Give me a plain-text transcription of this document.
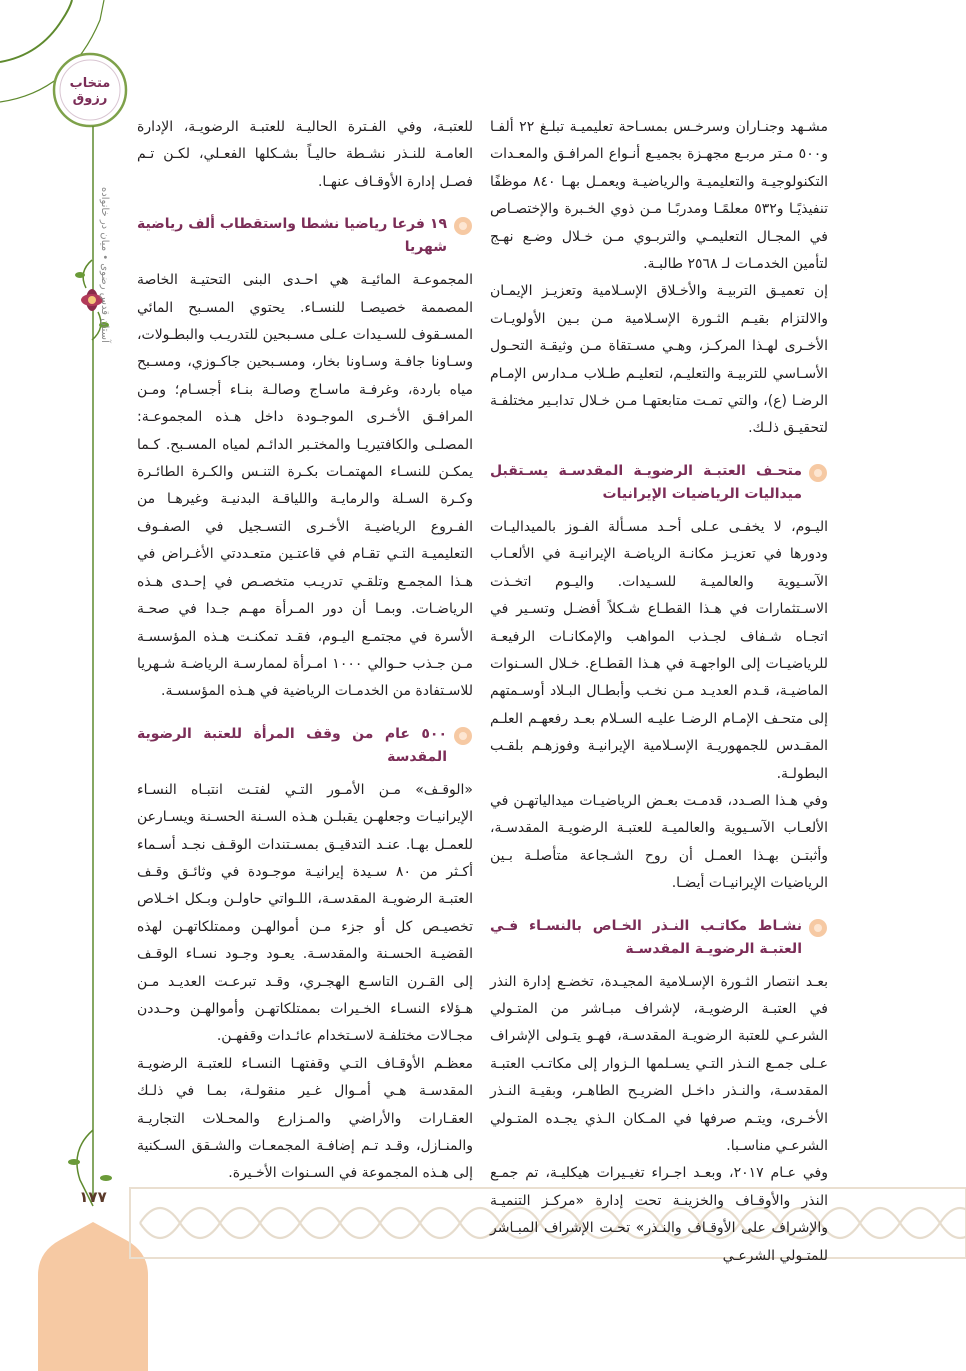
متخاب رزوق
آستان قدس رضوی • میان در خانواده
١٧٧

مشـهد وجنـاران وسرخـس بمسـاحة تعليميـة تبلـغ ٢٢ ألفـا و٥٠٠ مـتر مربـع مجهـزة بجميـع أنـواع المرافـق والمعـدات التكنولوجيـة والتعليميـة والرياضيـة ويعمـل بهـا ٨٤٠ موظفًا تنفيذيًـا و٥٣٢ معلمًـا ومدربًـا مـن ذوي الخـبرة والإختصـاص في المجـال التعليمـي والتربـوي مـن خـلال وضـع نهـج لتأمين الخدمـات لـ ٢٥٦٨ طالبـة.

إن تعميـق التربيـة والأخـلاق الإسـلامية وتعزيـز الإيمـان والالتزام بقيـم الثـورة الإسـلامية مـن بـين الأولويـات الأخـرى لهـذا المركـز، وهـي مسـتقاة مـن وثيقـة التحـول الأسـاسي للتربيـة والتعليـم، لتعليـم طـلاب مـدارس الإمـام الرضـا (ع)، والتي تمـت متابعتهـا مـن خـلال تدابـير مختلفـة لتحقيـق ذلـك.

متحـف العتبـة الرضويـة المقدسـة يسـتقبل ميداليات الرياضيات الإيرانيات

اليـوم، لا يخفـى عـلى أحـد مسـألة الفـوز بالميداليـات ودورها في تعزيـز مكانـة الرياضـة الإيرانيـة في الألعـاب الآسـيوية والعالميـة للسـيدات. واليـوم اتخـذت الاسـتثمارات في هـذا القطـاع شـكلاً أفضـل وتسـير في اتجـاه شـفاف لجـذب المواهب والإمكانـات الرفيعـة للرياضيـات إلى الواجهـة في هـذا القطـاع. خـلال السـنوات الماضيـة، قـدم العديـد مـن نخـب وأبطـال البـلاد أوسـمتهم إلى متحـف الإمـام الرضـا عليـه السـلام بعـد رفعهـم العلـم المقـدس للجمهوريـة الإسـلامية الإيرانيـة وفوزهـم بلقـب البطولـة.

وفي هـذا الصـدد، قدمـت بعـض الرياضيـات ميدالياتهـن في الألعـاب الآسـيوية والعالميـة للعتبـة الرضويـة المقدسـة، وأثبتـن بهـذا العمـل أن روح الشـجاعة متأصلـة بـين الرياضيات الإيرانيـات أيضـا.

نشـاط مكاتـب النـذر الخـاص بالنسـاء فـي العتبـة الرضويـة المقدسـة

بعـد انتصار الثـورة الإسـلامية المجيـدة، تخضـع إدارة النذر في العتبـة الرضويـة، لإشراف مبـاشر من المتـولي الشرعـي للعتبة الرضويـة المقدسـة، فهـو يتـولى الإشراف عـلى جمـع النـذر التـي يسـلمها الـزوار إلى مكاتـب العتبـة المقدسـة، والنـذر داخـل الضريـح الطاهـر، وبقيـة النـذر الأخـرى، ويتـم صرفها في المـكان الـذي يجـده المتـولي الشرعـي مناسـبا.

وفي عـام ٢٠١٧، وبعـد اجـراء تغيـيرات هيكليـة، تم جمـع النذر والأوقـاف والخزينـة تحت إدارة «مركـز التنميـة والإشراف على الأوقـاف والنـذر» تحـت الإشراف المبـاشر للمتـولي الشرعـي

للعتبـة، وفي الفـترة الحاليـة للعتبـة الرضويـة، الإدارة العامـة للنـذر نشـطة حاليـاً بشـكلها الفعـلي، لكـن تـم فصـل إدارة الأوقـاف عنهـا.

١٩ فرعا رياضيا نشطا واستقطاب ألف رياضية شهريا

المجموعـة المائيـة هي احـدى البنى التحتيـة الخاصة المصممة خصيصـا للنسـاء. يحتوي المسـبح المائي المسـقوف للسـيدات عـلى مسـبحين للتدريـب والبطـولات، وسـاونا جافـة وسـاونا بخار، ومسـبحين جاكـوزي، ومسـبح مياه باردة، وغرفـة ماسـاج وصالـة بنـاء أجسـام؛ ومـن المرافـق الأخـرى الموجـودة داخل هـذه المجموعـة: المصلـى والكافتيريـا والمختـبر الدائـم لمياه المسـبح. كـما يمكـن للنسـاء المهتمـات بكـرة التنـس والكـرة الطائـرة وكـرة السـلة والرمايـة واللياقـة البدنيـة وغيرهـا من الفـروع الرياضيـة الأخـرى التسـجيل في الصفـوف التعليميـة التـي تقـام في قاعتـين متعـددتي الأغـراض في هـذا المجمـع وتلقـي تدريـب متخصـص في إحـدى هـذه الرياضـات. وبمـا أن دور المـرأة مهـم جـدا في صحـة الأسرة في مجتمـع اليـوم، فقـد تمكنـت هـذه المؤسسـة مـن جـذب حـوالي ١٠٠٠ امـرأة لممارسـة الرياضـة شـهريا للاسـتفادة من الخدمـات الرياضية في هـذه المؤسسـة.

٥٠٠ عام من وقف المرأة للعتبة الرضوية المقدسة

«الوقـف» مـن الأمـور التـي لفتـت انتبـاه النسـاء الإيرانيـات وجعلهـن يقبلـن هـذه السـنة الحسـنة ويسـارعن للعمـل بهـا. عنـد التدقيـق بمسـتندات الوقـف نجـد أسـماء أكـثر من ٨٠ سـيدة إيرانيـة موجـودة في وثائـق وقـف العتبـة الرضويـة المقدسـة، اللـواتي حاولـن وبـكل اخـلاص تخصيـص كل أو جزء مـن أموالهـن وممتلكاتهـن لهذه القضيـة الحسـنة والمقدسـة. يعـود وجـود نسـاء الوقـف إلى القـرن التاسـع الهجـري، وقـد تبرعـت العديـد مـن هـؤلاء النسـاء الخـيرات بممتلكاتهـن وأموالهـن وحـددن مجـالات مختلفـة لاسـتخدام عائـدات وقفهـن.

معظـم الأوقـاف التـي وقفتهـا النسـاء للعتبـة الرضويـة المقدسـة هـي أمـوال غـير منقولـة، بمـا في ذلـك العقـارات والأراضي والمـزارع والمحـلات التجاريـة والمنـازل، وقـد تـم إضافـة المجمعـات والشـقق السـكنية إلى هـذه المجموعة في السـنوات الأخـيرة.
